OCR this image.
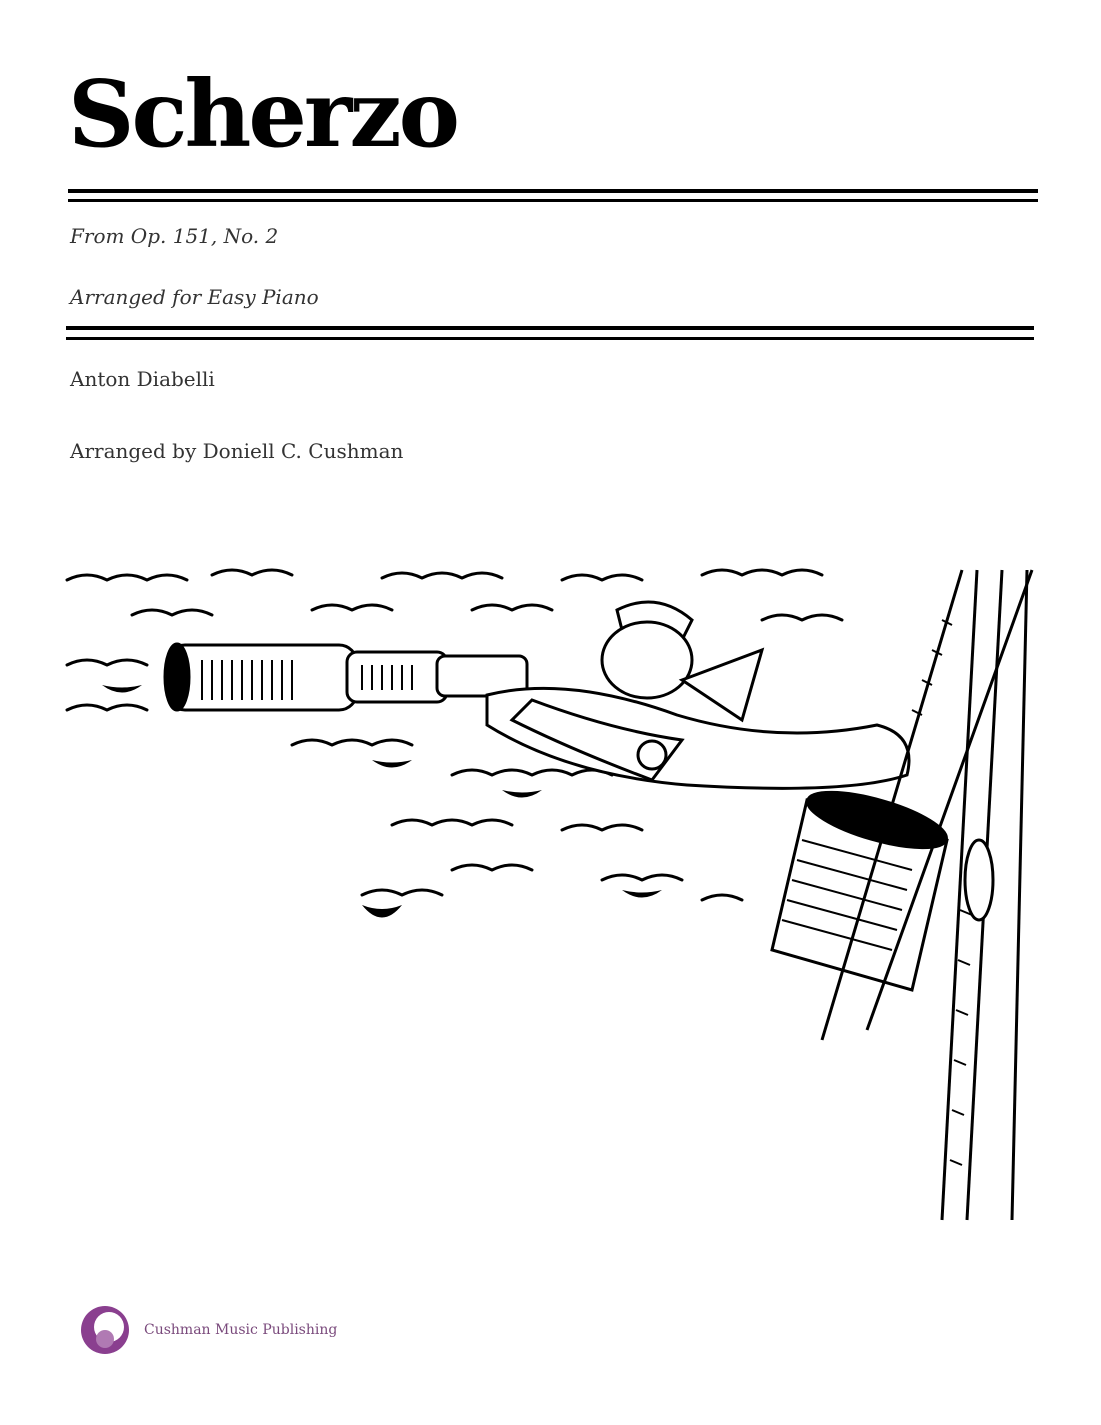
Scherzo
From Op. 151, No. 2
Arranged for Easy Piano
Anton Diabelli
Arranged by Doniell C. Cushman
Cushman Music Publishing
